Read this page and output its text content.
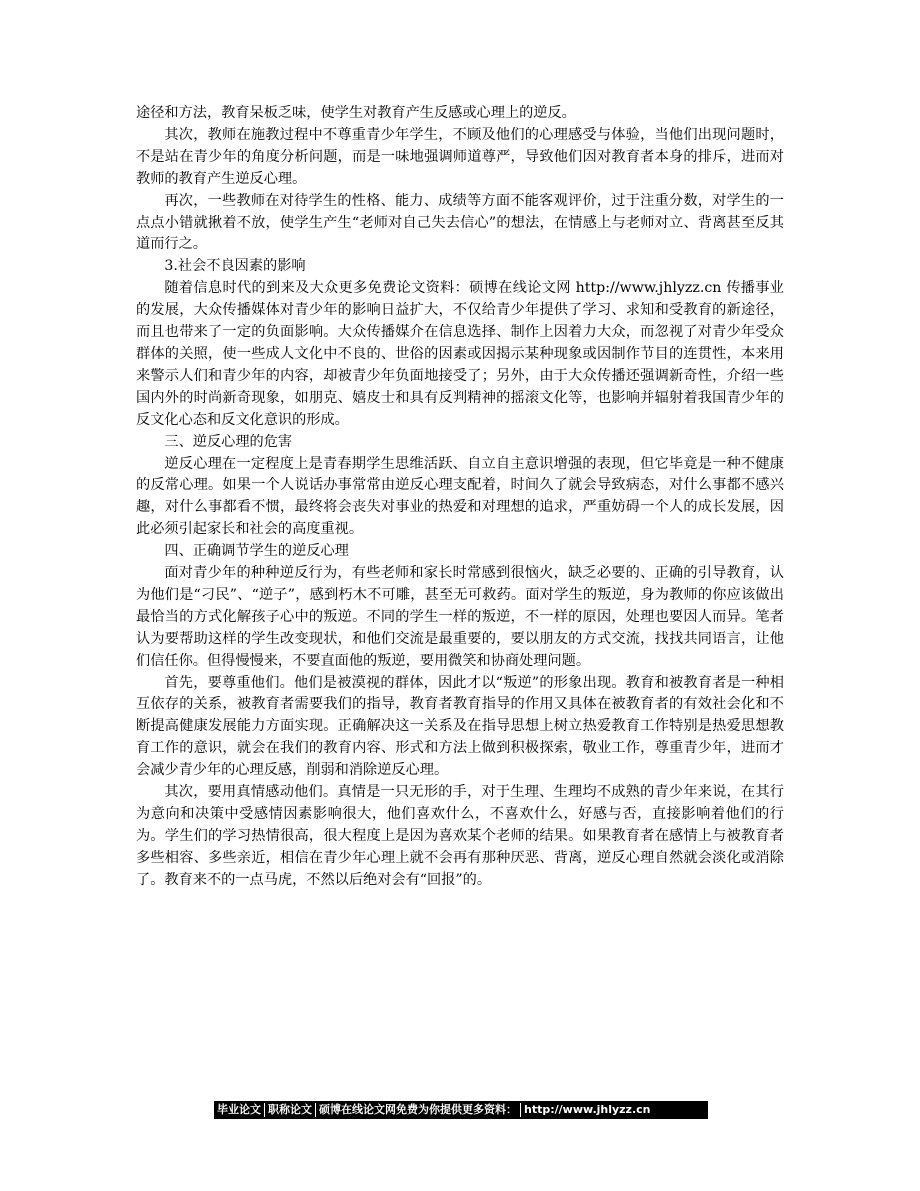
途径和方法，教育呆板乏味，使学生对教育产生反感或心理上的逆反。

其次，教师在施教过程中不尊重青少年学生，不顾及他们的心理感受与体验，当他们出现问题时，不是站在青少年的角度分析问题，而是一味地强调师道尊严，导致他们因对教育者本身的排斥，进而对教师的教育产生逆反心理。

再次，一些教师在对待学生的性格、能力、成绩等方面不能客观评价，过于注重分数，对学生的一点点小错就揪着不放，使学生产生“老师对自己失去信心”的想法，在情感上与老师对立、背离甚至反其道而行之。

3.社会不良因素的影响

随着信息时代的到来及大众更多免费论文资料：硕博在线论文网 http://www.jhlyzz.cn 传播事业的发展，大众传播媒体对青少年的影响日益扩大，不仅给青少年提供了学习、求知和受教育的新途径，而且也带来了一定的负面影响。大众传播媒介在信息选择、制作上因着力大众，而忽视了对青少年受众群体的关照，使一些成人文化中不良的、世俗的因素或因揭示某种现象或因制作节目的连贯性，本来用来警示人们和青少年的内容，却被青少年负面地接受了；另外，由于大众传播还强调新奇性，介绍一些国内外的时尚新奇现象，如朋克、嬉皮士和具有反判精神的摇滚文化等，也影响并辐射着我国青少年的反文化心态和反文化意识的形成。

三、逆反心理的危害

逆反心理在一定程度上是青春期学生思维活跃、自立自主意识增强的表现，但它毕竟是一种不健康的反常心理。如果一个人说话办事常常由逆反心理支配着，时间久了就会导致病态，对什么事都不感兴趣，对什么事都看不惯，最终将会丧失对事业的热爱和对理想的追求，严重妨碍一个人的成长发展，因此必须引起家长和社会的高度重视。

四、正确调节学生的逆反心理

面对青少年的种种逆反行为，有些老师和家长时常感到很恼火，缺乏必要的、正确的引导教育，认为他们是“刁民”、“逆子”，感到朽木不可雕，甚至无可救药。面对学生的叛逆，身为教师的你应该做出最恰当的方式化解孩子心中的叛逆。不同的学生一样的叛逆，不一样的原因，处理也要因人而异。笔者认为要帮助这样的学生改变现状，和他们交流是最重要的，要以朋友的方式交流，找找共同语言，让他们信任你。但得慢慢来，不要直面他的叛逆，要用微笑和协商处理问题。

首先，要尊重他们。他们是被漠视的群体，因此才以“叛逆”的形象出现。教育和被教育者是一种相互依存的关系，被教育者需要我们的指导，教育者教育指导的作用又具体在被教育者的有效社会化和不断提高健康发展能力方面实现。正确解决这一关系及在指导思想上树立热爱教育工作特别是热爱思想教育工作的意识，就会在我们的教育内容、形式和方法上做到积极探索，敬业工作，尊重青少年，进而才会减少青少年的心理反感，削弱和消除逆反心理。

其次，要用真情感动他们。真情是一只无形的手，对于生理、生理均不成熟的青少年来说，在其行为意向和决策中受感情因素影响很大，他们喜欢什么，不喜欢什么，好感与否，直接影响着他们的行为。学生们的学习热情很高，很大程度上是因为喜欢某个老师的结果。如果教育者在感情上与被教育者多些相容、多些亲近，相信在青少年心理上就不会再有那种厌恶、背离，逆反心理自然就会淡化或消除了。教育来不的一点马虎，不然以后绝对会有“回报”的。

毕业论文 职称论文 硕博在线论文网免费为你提供更多资料： http://www.jhlyzz.cn
